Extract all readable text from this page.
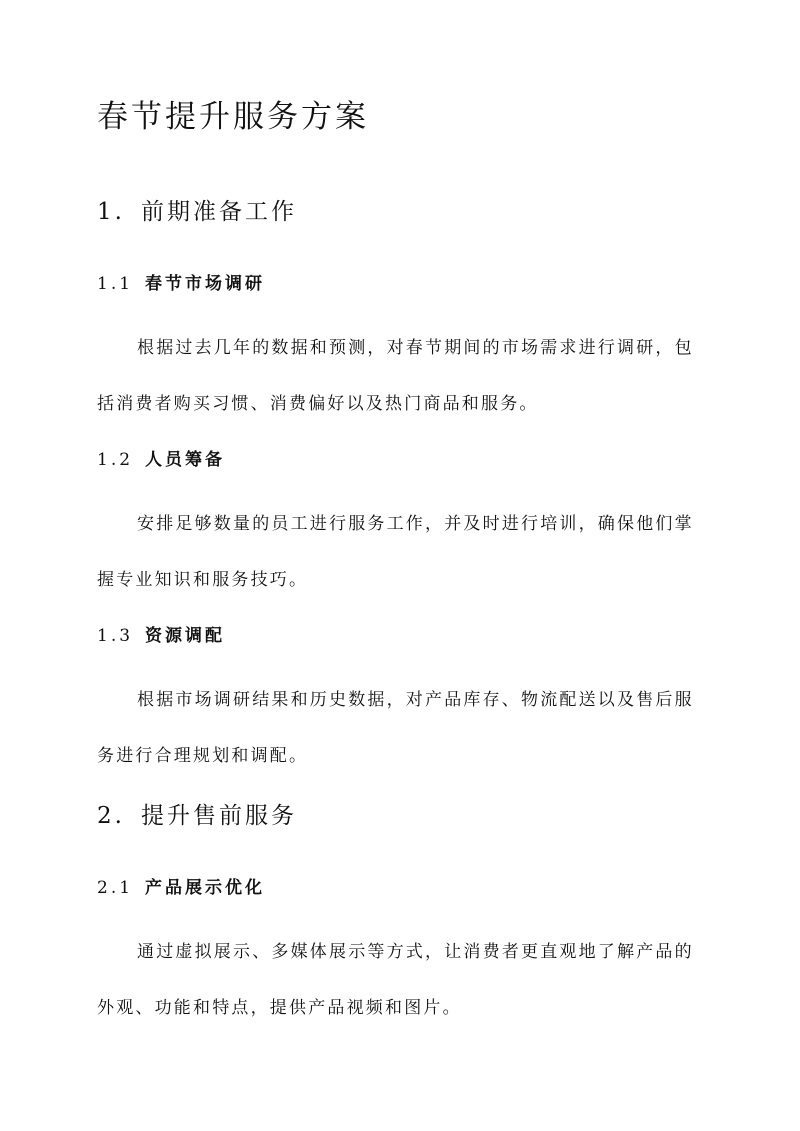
春节提升服务方案
1. 前期准备工作
1.1 春节市场调研

根据过去几年的数据和预测，对春节期间的市场需求进行调研，包括消费者购买习惯、消费偏好以及热门商品和服务。

1.2 人员筹备

安排足够数量的员工进行服务工作，并及时进行培训，确保他们掌握专业知识和服务技巧。

1.3 资源调配

根据市场调研结果和历史数据，对产品库存、物流配送以及售后服务进行合理规划和调配。

2. 提升售前服务
2.1 产品展示优化

通过虚拟展示、多媒体展示等方式，让消费者更直观地了解产品的外观、功能和特点，提供产品视频和图片。
